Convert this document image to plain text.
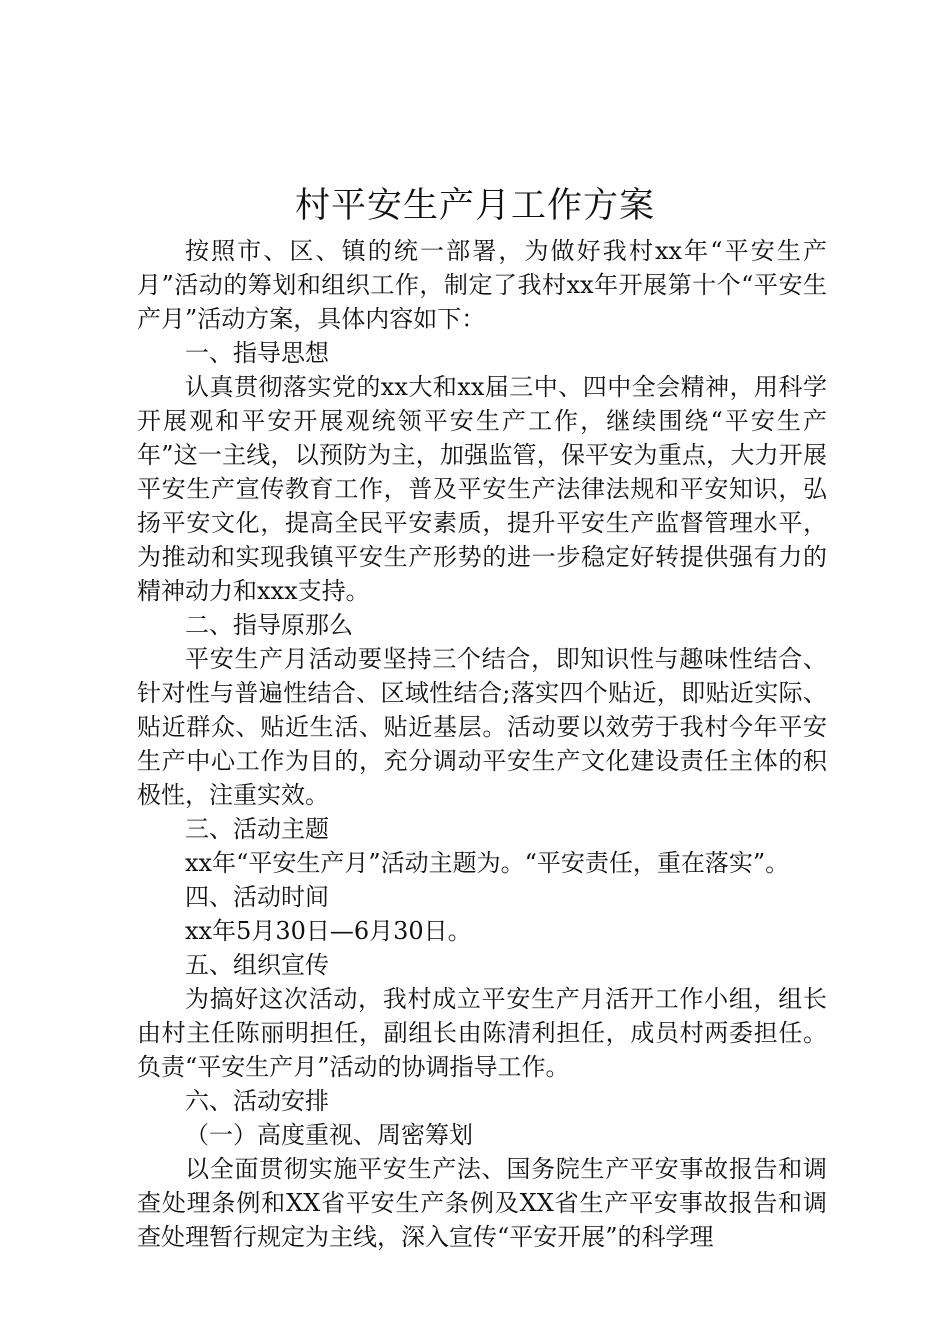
村平安生产月工作方案

按照市、区、镇的统一部署，为做好我村xx年“平安生产月”活动的筹划和组织工作，制定了我村xx年开展第十个“平安生产月”活动方案，具体内容如下：

一、指导思想

认真贯彻落实党的xx大和xx届三中、四中全会精神，用科学开展观和平安开展观统领平安生产工作，继续围绕“平安生产年”这一主线，以预防为主，加强监管，保平安为重点，大力开展平安生产宣传教育工作，普及平安生产法律法规和平安知识，弘扬平安文化，提高全民平安素质，提升平安生产监督管理水平，为推动和实现我镇平安生产形势的进一步稳定好转提供强有力的精神动力和xxx支持。

二、指导原那么

平安生产月活动要坚持三个结合，即知识性与趣味性结合、针对性与普遍性结合、区域性结合;落实四个贴近，即贴近实际、贴近群众、贴近生活、贴近基层。活动要以效劳于我村今年平安生产中心工作为目的，充分调动平安生产文化建设责任主体的积极性，注重实效。

三、活动主题

xx年“平安生产月”活动主题为。“平安责任，重在落实”。

四、活动时间

xx年5月30日—6月30日。

五、组织宣传

为搞好这次活动，我村成立平安生产月活开工作小组，组长由村主任陈丽明担任，副组长由陈清利担任，成员村两委担任。负责“平安生产月”活动的协调指导工作。

六、活动安排

（一）高度重视、周密筹划

以全面贯彻实施平安生产法、国务院生产平安事故报告和调查处理条例和XX省平安生产条例及XX省生产平安事故报告和调查处理暂行规定为主线，深入宣传“平安开展”的科学理
